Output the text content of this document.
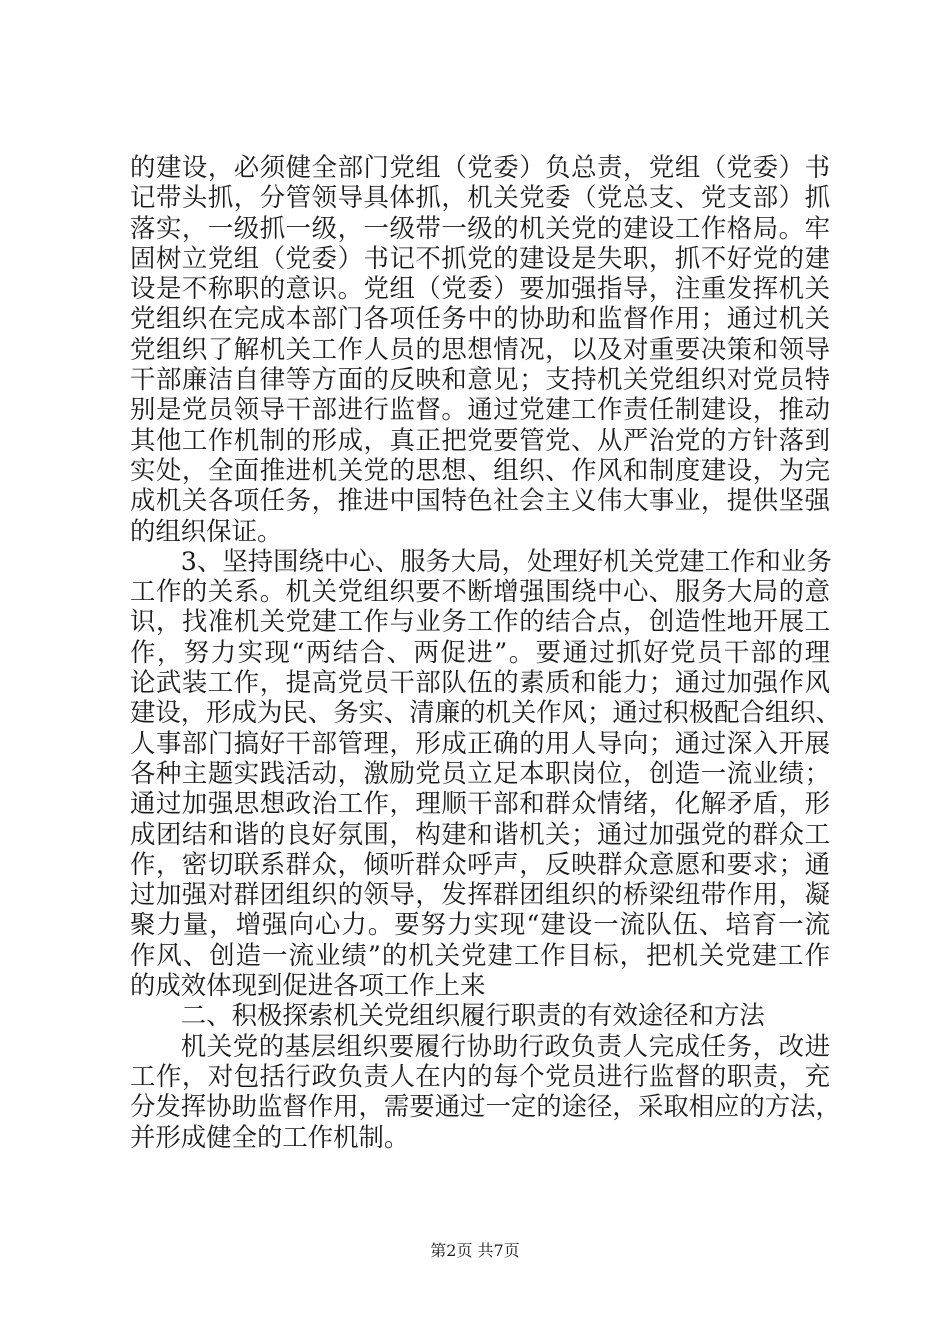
的建设，必须健全部门党组（党委）负总责，党组（党委）书
记带头抓，分管领导具体抓，机关党委（党总支、党支部）抓
落实，一级抓一级，一级带一级的机关党的建设工作格局。牢
固树立党组（党委）书记不抓党的建设是失职，抓不好党的建
设是不称职的意识。党组（党委）要加强指导，注重发挥机关
党组织在完成本部门各项任务中的协助和监督作用；通过机关
党组织了解机关工作人员的思想情况，以及对重要决策和领导
干部廉洁自律等方面的反映和意见；支持机关党组织对党员特
别是党员领导干部进行监督。通过党建工作责任制建设，推动
其他工作机制的形成，真正把党要管党、从严治党的方针落到
实处，全面推进机关党的思想、组织、作风和制度建设，为完
成机关各项任务，推进中国特色社会主义伟大事业，提供坚强
的组织保证。
3、坚持围绕中心、服务大局，处理好机关党建工作和业务
工作的关系。机关党组织要不断增强围绕中心、服务大局的意
识，找准机关党建工作与业务工作的结合点，创造性地开展工
作，努力实现“两结合、两促进”。要通过抓好党员干部的理
论武装工作，提高党员干部队伍的素质和能力；通过加强作风
建设，形成为民、务实、清廉的机关作风；通过积极配合组织、
人事部门搞好干部管理，形成正确的用人导向；通过深入开展
各种主题实践活动，激励党员立足本职岗位，创造一流业绩；
通过加强思想政治工作，理顺干部和群众情绪，化解矛盾，形
成团结和谐的良好氛围，构建和谐机关；通过加强党的群众工
作，密切联系群众，倾听群众呼声，反映群众意愿和要求；通
过加强对群团组织的领导，发挥群团组织的桥梁纽带作用，凝
聚力量，增强向心力。要努力实现“建设一流队伍、培育一流
作风、创造一流业绩”的机关党建工作目标，把机关党建工作
的成效体现到促进各项工作上来
二、积极探索机关党组织履行职责的有效途径和方法
机关党的基层组织要履行协助行政负责人完成任务，改进
工作，对包括行政负责人在内的每个党员进行监督的职责，充
分发挥协助监督作用，需要通过一定的途径，采取相应的方法，
并形成健全的工作机制。
第2页 共7页
